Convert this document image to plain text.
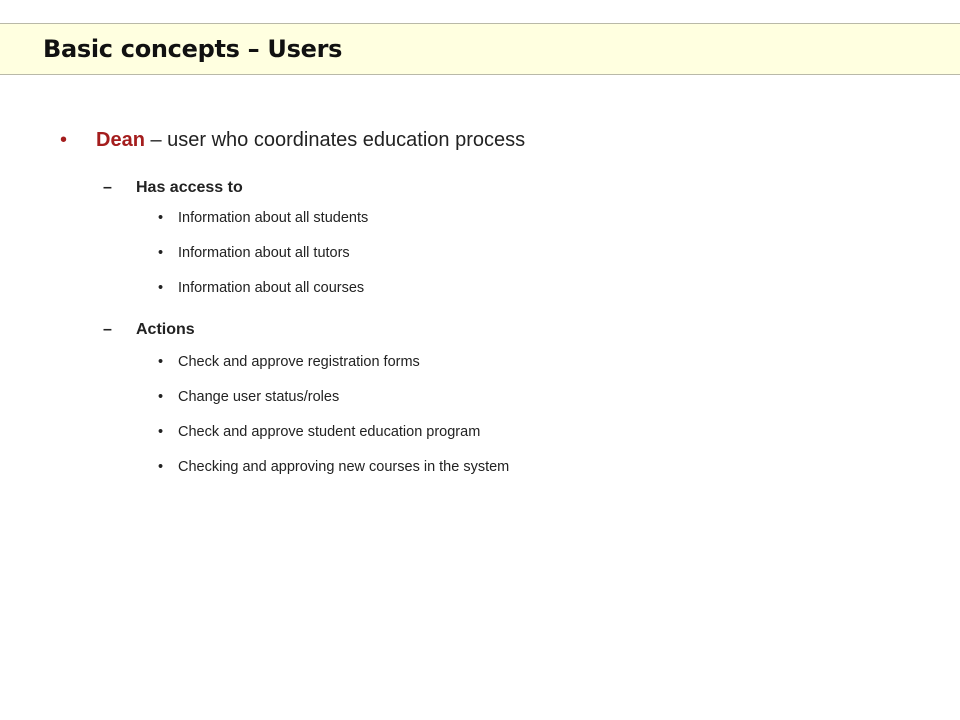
Basic concepts – Users
• Dean – user who coordinates education process
– Has access to
• Information about all students
• Information about all tutors
• Information about all courses
– Actions
• Check and approve registration forms
• Change user status/roles
• Check and approve student education program
• Checking and approving new courses in the system
